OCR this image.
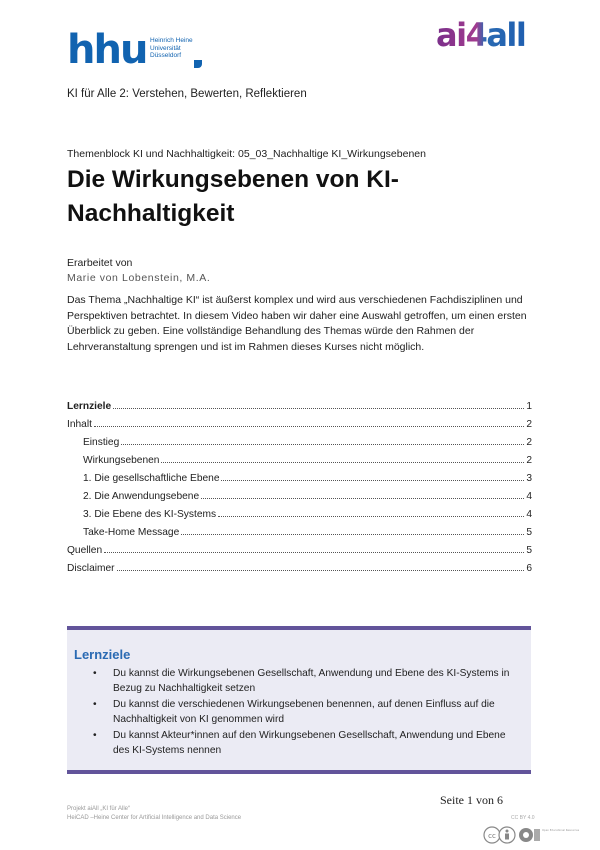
hhu Heinrich Heine
Universität
Düsseldorf
ai4all
KI für Alle 2: Verstehen, Bewerten, Reflektieren
Themenblock KI und Nachhaltigkeit: 05_03_Nachhaltige KI_Wirkungsebenen
Die Wirkungsebenen von KI-
Nachhaltigkeit
Erarbeitet von
Marie von Lobenstein, M.A.
Das Thema „Nachhaltige KI“ ist äußerst komplex und wird aus verschiedenen Fachdisziplinen und Perspektiven betrachtet. In diesem Video haben wir daher eine Auswahl getroffen, um einen ersten Überblick zu geben. Eine vollständige Behandlung des Themas würde den Rahmen der Lehrveranstaltung sprengen und ist im Rahmen dieses Kurses nicht möglich.
Lernziele	1
Inhalt	2
Einstieg	2
Wirkungsebenen	2
1. Die gesellschaftliche Ebene	3
2. Die Anwendungsebene	4
3. Die Ebene des KI-Systems	4
Take-Home Message	5
Quellen	5
Disclaimer	6
Lernziele
• Du kannst die Wirkungsebenen Gesellschaft, Anwendung und Ebene des KI-Systems in Bezug zu Nachhaltigkeit setzen
• Du kannst die verschiedenen Wirkungsebenen benennen, auf denen Einfluss auf die Nachhaltigkeit von KI genommen wird
• Du kannst Akteur*innen auf den Wirkungsebenen Gesellschaft, Anwendung und Ebene des KI-Systems nennen
Seite 1 von 6
Projekt aiAll „KI für Alle“
HeiCAD –Heine Center for Artificial Intelligence and Data Science	CC BY 4.0
cc
Open Educational Resources
